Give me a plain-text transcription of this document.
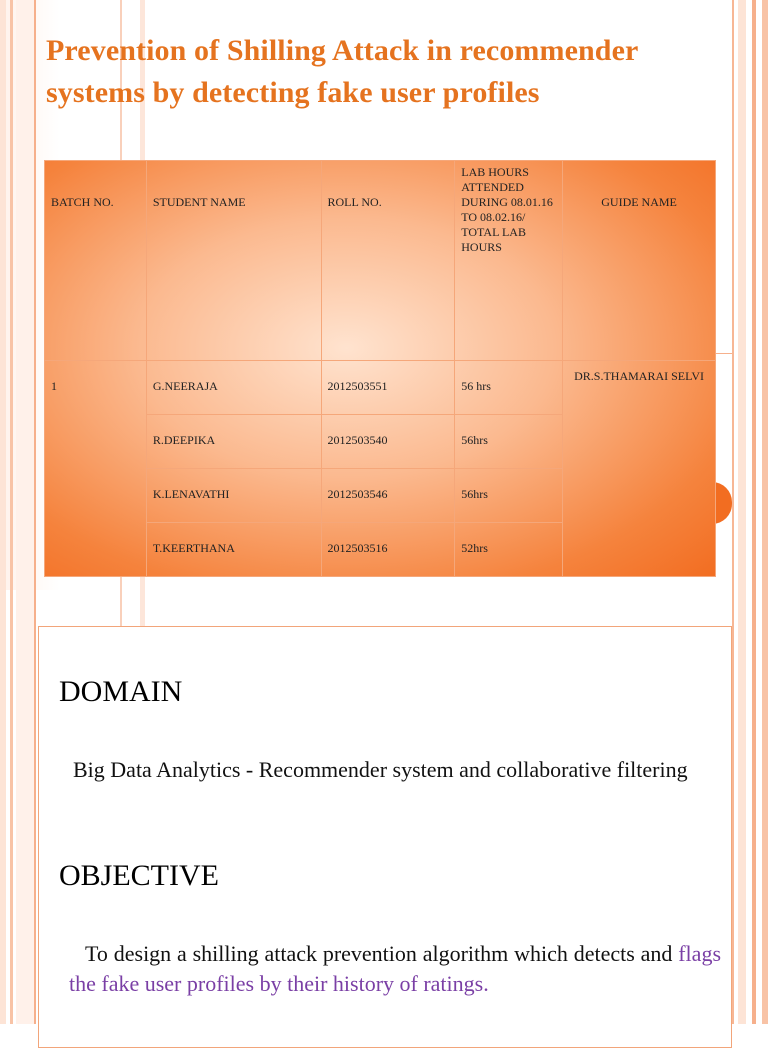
Prevention of Shilling Attack in recommender systems by detecting fake user profiles
BATCH NO.	STUDENT NAME	ROLL NO.	LAB HOURS ATTENDED DURING 08.01.16 TO 08.02.16/ TOTAL LAB HOURS	GUIDE NAME

1	G.NEERAJA	2012503551	56 hrs	DR.S.THAMARAI SELVI

	R.DEEPIKA	2012503540	56hrs	

	K.LENAVATHI	2012503546	56hrs	

	T.KEERTHANA	2012503516	52hrs	
DOMAIN
Big Data Analytics - Recommender system and collaborative filtering
OBJECTIVE
To design a shilling attack prevention algorithm which detects and flags the fake user profiles by their history of ratings.
